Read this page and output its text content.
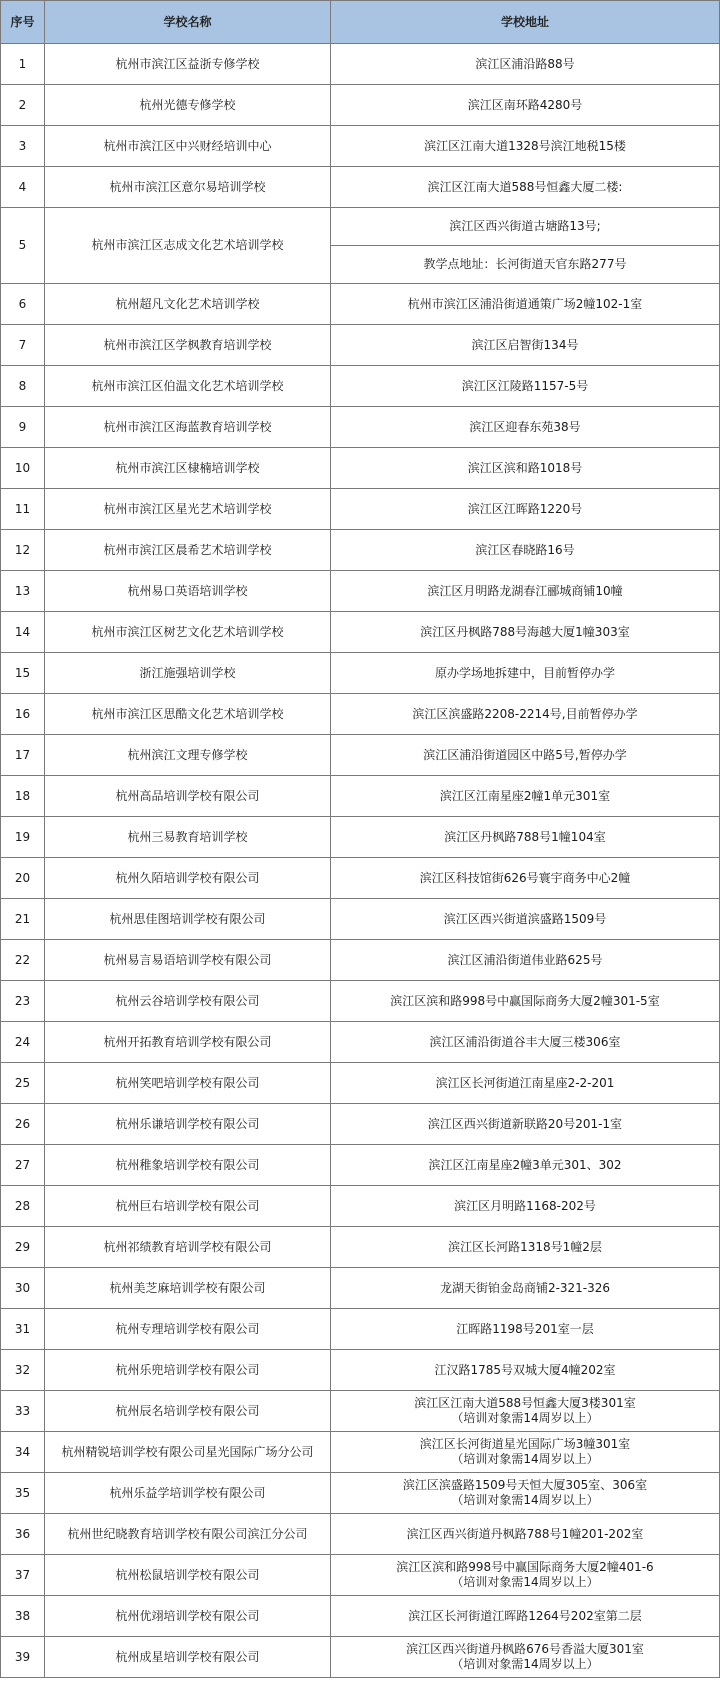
序号	学校名称	学校地址
1	杭州市滨江区益浙专修学校	滨江区浦沿路88号
2	杭州光德专修学校	滨江区南环路4280号
3	杭州市滨江区中兴财经培训中心	滨江区江南大道1328号滨江地税15楼
4	杭州市滨江区意尔易培训学校	滨江区江南大道588号恒鑫大厦二楼:
5	杭州市滨江区志成文化艺术培训学校	滨江区西兴街道古塘路13号;
		教学点地址：长河街道天官东路277号
6	杭州超凡文化艺术培训学校	杭州市滨江区浦沿街道通策广场2幢102-1室
7	杭州市滨江区学枫教育培训学校	滨江区启智街134号
8	杭州市滨江区伯温文化艺术培训学校	滨江区江陵路1157-5号
9	杭州市滨江区海蓝教育培训学校	滨江区迎春东苑38号
10	杭州市滨江区棣楠培训学校	滨江区滨和路1018号
11	杭州市滨江区星光艺术培训学校	滨江区江晖路1220号
12	杭州市滨江区晨希艺术培训学校	滨江区春晓路16号
13	杭州易口英语培训学校	滨江区月明路龙湖春江郦城商铺10幢
14	杭州市滨江区树艺文化艺术培训学校	滨江区丹枫路788号海越大厦1幢303室
15	浙江施强培训学校	原办学场地拆建中，目前暂停办学
16	杭州市滨江区思酷文化艺术培训学校	滨江区滨盛路2208-2214号,目前暂停办学
17	杭州滨江文理专修学校	滨江区浦沿街道园区中路5号,暂停办学
18	杭州高品培训学校有限公司	滨江区江南星座2幢1单元301室
19	杭州三易教育培训学校	滨江区丹枫路788号1幢104室
20	杭州久陌培训学校有限公司	滨江区科技馆街626号寰宇商务中心2幢
21	杭州思佳图培训学校有限公司	滨江区西兴街道滨盛路1509号
22	杭州易言易语培训学校有限公司	滨江区浦沿街道伟业路625号
23	杭州云谷培训学校有限公司	滨江区滨和路998号中赢国际商务大厦2幢301-5室
24	杭州开拓教育培训学校有限公司	滨江区浦沿街道谷丰大厦三楼306室
25	杭州笑吧培训学校有限公司	滨江区长河街道江南星座2-2-201
26	杭州乐谦培训学校有限公司	滨江区西兴街道新联路20号201-1室
27	杭州稚象培训学校有限公司	滨江区江南星座2幢3单元301、302
28	杭州巨右培训学校有限公司	滨江区月明路1168-202号
29	杭州祁绩教育培训学校有限公司	滨江区长河路1318号1幢2层
30	杭州美芝麻培训学校有限公司	龙湖天街铂金岛商铺2-321-326
31	杭州专理培训学校有限公司	江晖路1198号201室一层
32	杭州乐兜培训学校有限公司	江汉路1785号双城大厦4幢202室
33	杭州辰名培训学校有限公司	滨江区江南大道588号恒鑫大厦3楼301室
（培训对象需14周岁以上）

34	杭州精锐培训学校有限公司星光国际广场分公司	滨江区长河街道星光国际广场3幢301室
（培训对象需14周岁以上）

35	杭州乐益学培训学校有限公司	滨江区滨盛路1509号天恒大厦305室、306室
（培训对象需14周岁以上）

36	杭州世纪晓教育培训学校有限公司滨江分公司	滨江区西兴街道丹枫路788号1幢201-202室
37	杭州松鼠培训学校有限公司	滨江区滨和路998号中赢国际商务大厦2幢401-6
（培训对象需14周岁以上）

38	杭州优翊培训学校有限公司	滨江区长河街道江晖路1264号202室第二层
39	杭州成星培训学校有限公司	滨江区西兴街道丹枫路676号香溢大厦301室
（培训对象需14周岁以上）
